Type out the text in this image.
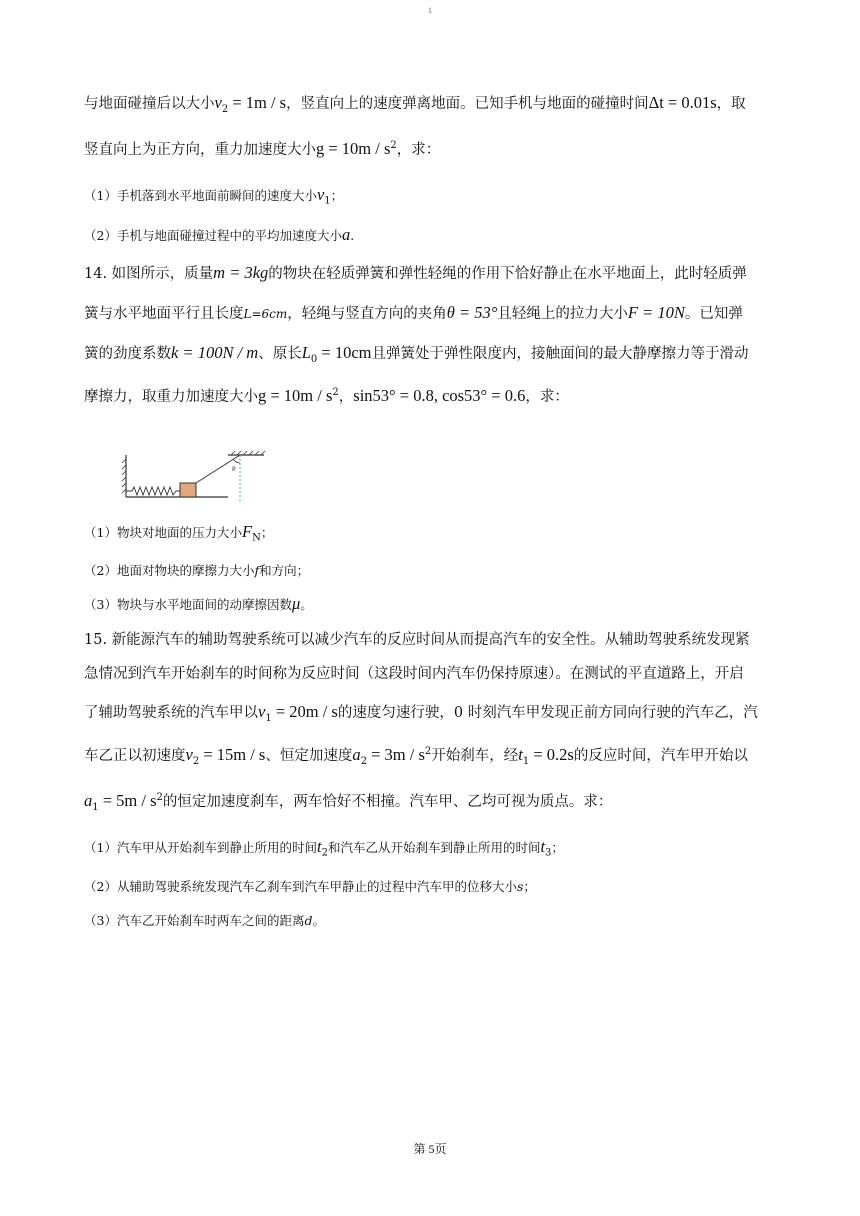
1
与地面碰撞后以大小$v_2 = 1m / s$，竖直向上的速度弹离地面。已知手机与地面的碰撞时间Δt = 0.01s，取
竖直向上为正方向，重力加速度大小$g = 10m / s^2$，求：
（1）手机落到水平地面前瞬间的速度大小$v_1$；
（2）手机与地面碰撞过程中的平均加速度大小a.
14. 如图所示，质量m = 3kg的物块在轻质弹簧和弹性轻绳的作用下恰好静止在水平地面上，此时轻质弹
簧与水平地面平行且长度L=6cm，轻绳与竖直方向的夹角θ = 53°且轻绳上的拉力大小F = 10N。已知弹
簧的劲度系数k = 100N / m、原长$L_0 = 10cm$且弹簧处于弹性限度内，接触面间的最大静摩擦力等于滑动
摩擦力，取重力加速度大小$g = 10m / s^2$，sin53° = 0.8, cos53° = 0.6，求：
θ
（1）物块对地面的压力大小$F_N$；
（2）地面对物块的摩擦力大小f和方向；
（3）物块与水平地面间的动摩擦因数μ。
15. 新能源汽车的辅助驾驶系统可以减少汽车的反应时间从而提高汽车的安全性。从辅助驾驶系统发现紧
急情况到汽车开始刹车的时间称为反应时间（这段时间内汽车仍保持原速）。在测试的平直道路上，开启
了辅助驾驶系统的汽车甲以$v_1 = 20m / s$的速度匀速行驶，0 时刻汽车甲发现正前方同向行驶的汽车乙，汽
车乙正以初速度$v_2 = 15m / s$、恒定加速度$a_2 = 3m / s^2$开始刹车，经$t_1 = 0.2s$的反应时间，汽车甲开始以
$a_1 = 5m / s^2$的恒定加速度刹车，两车恰好不相撞。汽车甲、乙均可视为质点。求：
（1）汽车甲从开始刹车到静止所用的时间$t_2$和汽车乙从开始刹车到静止所用的时间$t_3$；
（2）从辅助驾驶系统发现汽车乙刹车到汽车甲静止的过程中汽车甲的位移大小s；
（3）汽车乙开始刹车时两车之间的距离d。
第 5页
